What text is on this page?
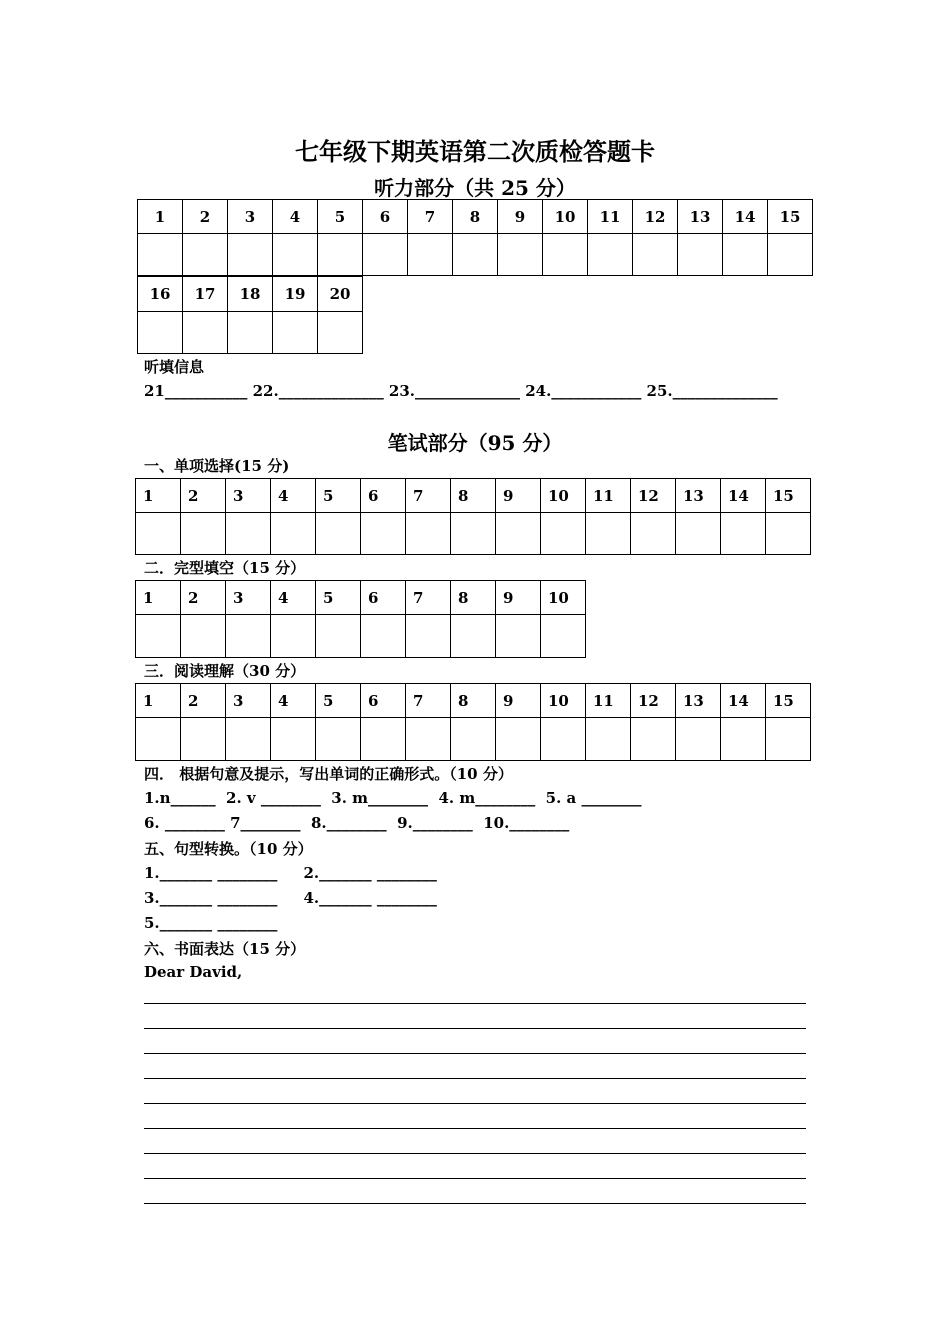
七年级下期英语第二次质检答题卡
听力部分（共 25 分）
1	2	3	4	5	6	7	8	9	10	11	12	13	14	15

16	17	18	19	20

听填信息
21___________ 22.______________ 23.______________ 24.____________ 25.______________
笔试部分（95 分）
一、单项选择(15 分)
1	2	3	4	5	6	7	8	9	10	11	12	13	14	15

二．完型填空（15 分）
1	2	3	4	5	6	7	8	9	10

三．阅读理解（30 分）
1	2	3	4	5	6	7	8	9	10	11	12	13	14	15

四． 根据句意及提示，写出单词的正确形式。（10 分）
1.n______  2. v ________  3. m________  4. m________  5. a ________
6. ________ 7________  8.________  9.________  10.________
五、句型转换。（10 分）
1._______ ________     2._______ ________
3._______ ________     4._______ ________
5._______ ________
六、书面表达（15 分）
Dear David,
